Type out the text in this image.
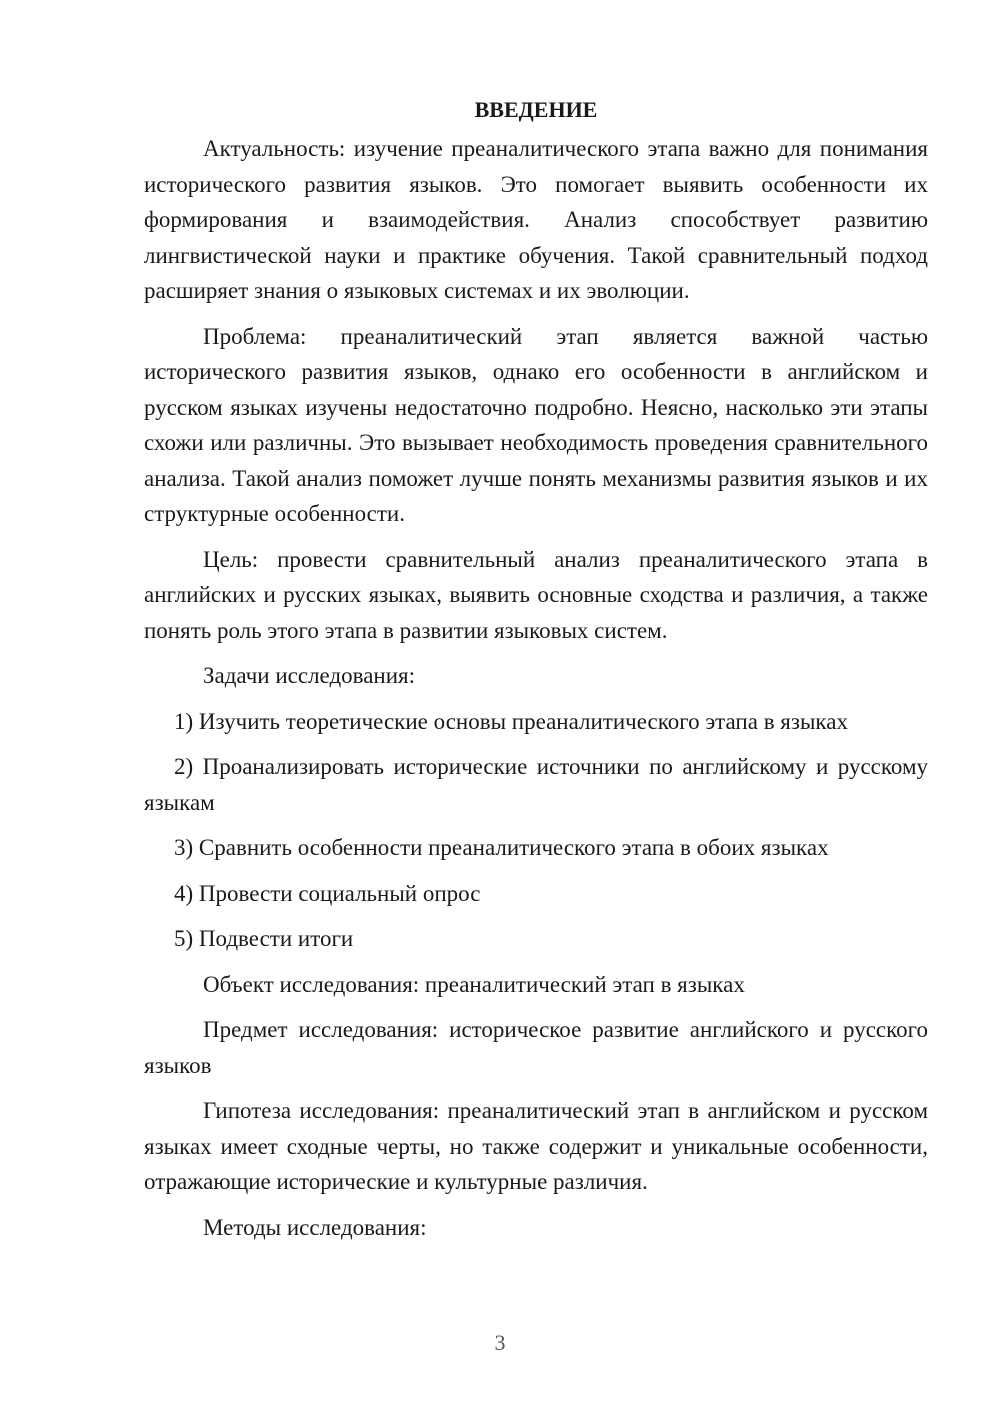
ВВЕДЕНИЕ

Актуальность: изучение преаналитического этапа важно для понимания исторического развития языков. Это помогает выявить особенности их формирования и взаимодействия. Анализ способствует развитию лингвистической науки и практике обучения. Такой сравнительный подход расширяет знания о языковых системах и их эволюции.

Проблема: преаналитический этап является важной частью исторического развития языков, однако его особенности в английском и русском языках изучены недостаточно подробно. Неясно, насколько эти этапы схожи или различны. Это вызывает необходимость проведения сравнительного анализа. Такой анализ поможет лучше понять механизмы развития языков и их структурные особенности.

Цель: провести сравнительный анализ преаналитического этапа в английских и русских языках, выявить основные сходства и различия, а также понять роль этого этапа в развитии языковых систем.

Задачи исследования:

1) Изучить теоретические основы преаналитического этапа в языках

2) Проанализировать исторические источники по английскому и русскому языкам

3) Сравнить особенности преаналитического этапа в обоих языках

4) Провести социальный опрос

5) Подвести итоги

Объект исследования: преаналитический этап в языках

Предмет исследования: историческое развитие английского и русского языков

Гипотеза исследования: преаналитический этап в английском и русском языках имеет сходные черты, но также содержит и уникальные особенности, отражающие исторические и культурные различия.

Методы исследования:

3
